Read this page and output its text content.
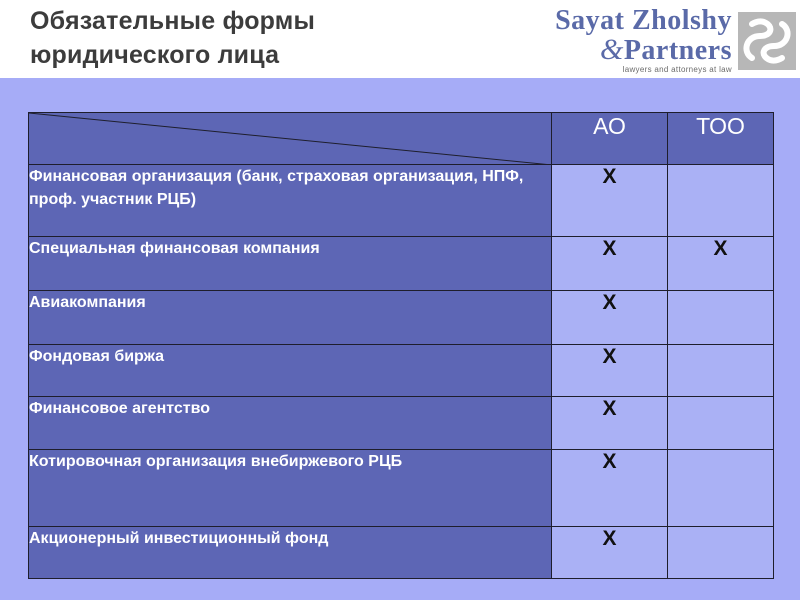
Обязательные формы
юридического лица
Sayat Zholshy
&Partners
lawyers and attorneys at law
	АО	ТОО
Финансовая организация (банк, страховая организация, НПФ, проф. участник РЦБ)	X	
Специальная финансовая компания	X	X
Авиакомпания	X	
Фондовая биржа	X	
Финансовое агентство	X	
Котировочная организация внебиржевого РЦБ	X	
Акционерный инвестиционный фонд	X	
